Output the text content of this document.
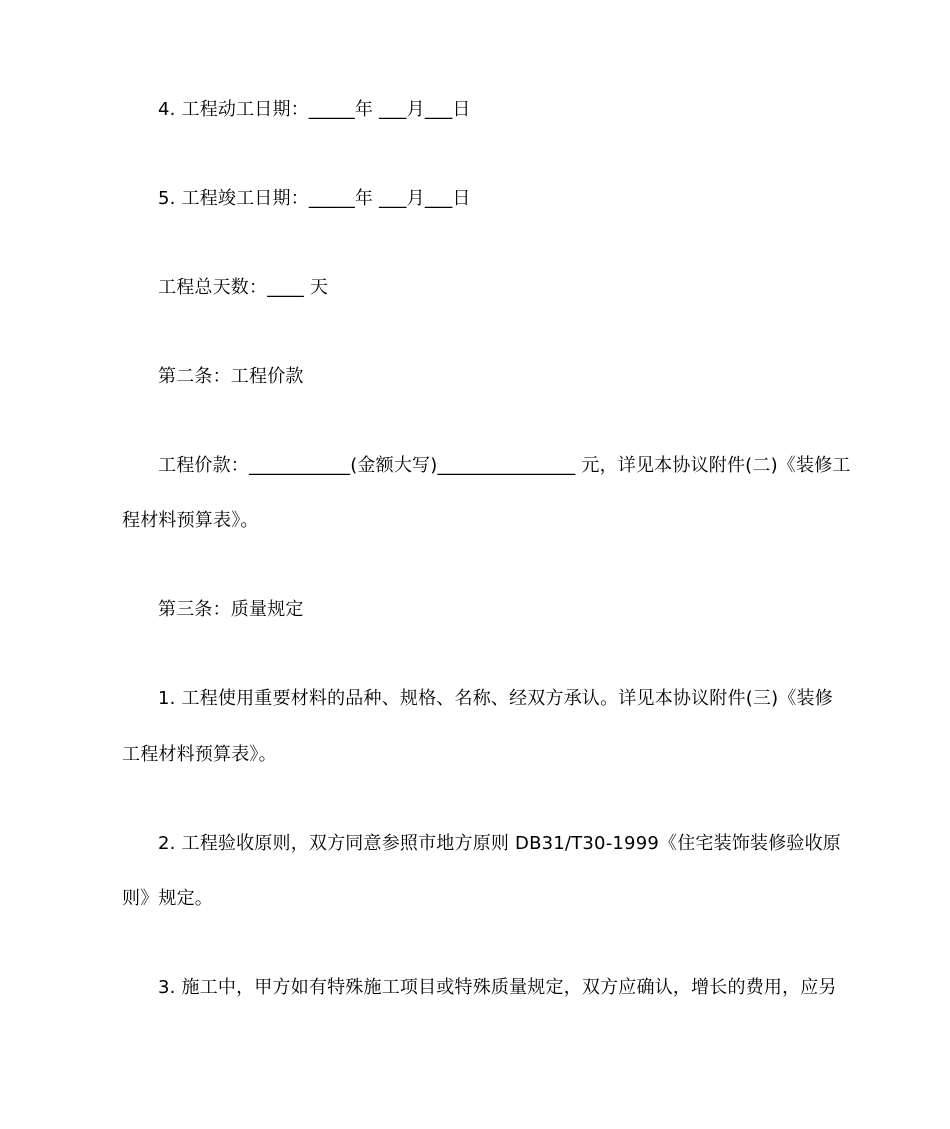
4. 工程动工日期：_____年 ___月___日
5. 工程竣工日期：_____年 ___月___日
工程总天数：____ 天
第二条：工程价款
工程价款：___________(金额大写)_______________ 元，详见本协议附件(二)《装修工
程材料预算表》。
第三条：质量规定
1. 工程使用重要材料的品种、规格、名称、经双方承认。详见本协议附件(三)《装修
工程材料预算表》。
2. 工程验收原则，双方同意参照市地方原则 DB31/T30-1999《住宅装饰装修验收原
则》规定。
3. 施工中，甲方如有特殊施工项目或特殊质量规定，双方应确认，增长的费用，应另
